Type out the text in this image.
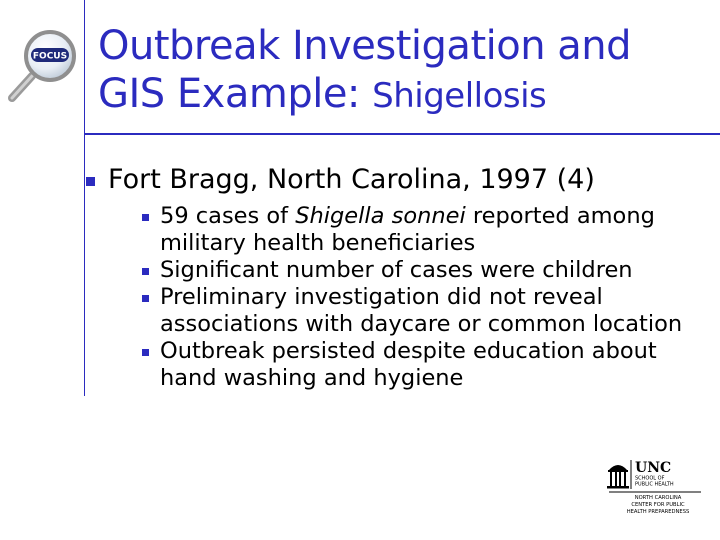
FOCUS Outbreak Investigation and
GIS Example: Shigellosis
Fort Bragg, North Carolina, 1997 (4)
59 cases of Shigella sonnei reported among military health beneficiaries
Significant number of cases were children
Preliminary investigation did not reveal associations with daycare or common location
Outbreak persisted despite education about hand washing and hygiene
UNC
SCHOOL OF
PUBLIC HEALTH
NORTH CAROLINA
CENTER FOR PUBLIC
HEALTH PREPAREDNESS
